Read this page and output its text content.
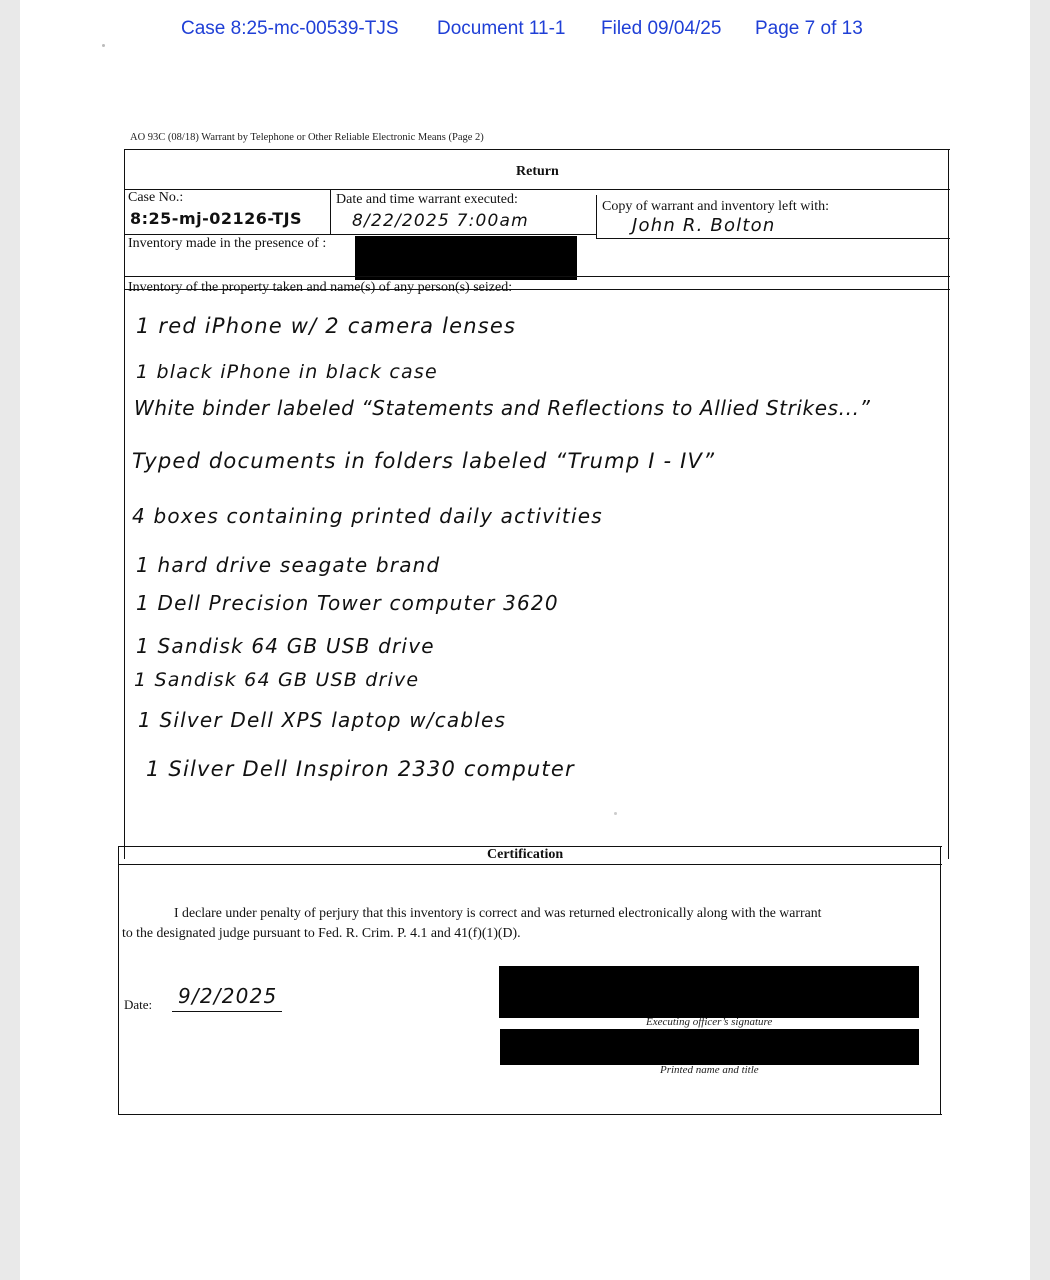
Case 8:25-mc-00539-TJS Document 11-1 Filed 09/04/25 Page 7 of 13
AO 93C (08/18) Warrant by Telephone or Other Reliable Electronic Means (Page 2)
Return
Case No.:
8:25-mj-02126-TJS
Date and time warrant executed:
8/22/2025 7:00am
Copy of warrant and inventory left with:
John R. Bolton
Inventory made in the presence of :
Inventory of the property taken and name(s) of any person(s) seized:
1 red iPhone w/ 2 camera lenses
1 black iPhone in black case
White binder labeled “Statements and Reflections to Allied Strikes...”
Typed documents in folders labeled “Trump I - IV”
4 boxes containing printed daily activities
1 hard drive seagate brand
1 Dell Precision Tower computer 3620
1 Sandisk 64 GB USB drive
1 Sandisk 64 GB USB drive
1 Silver Dell XPS laptop w/cables
1 Silver Dell Inspiron 2330 computer
Certification
I declare under penalty of perjury that this inventory is correct and was returned electronically along with the warrant
to the designated judge pursuant to Fed. R. Crim. P. 4.1 and 41(f)(1)(D).
Date: 9/2/2025
Executing officer’s signature
Printed name and title
